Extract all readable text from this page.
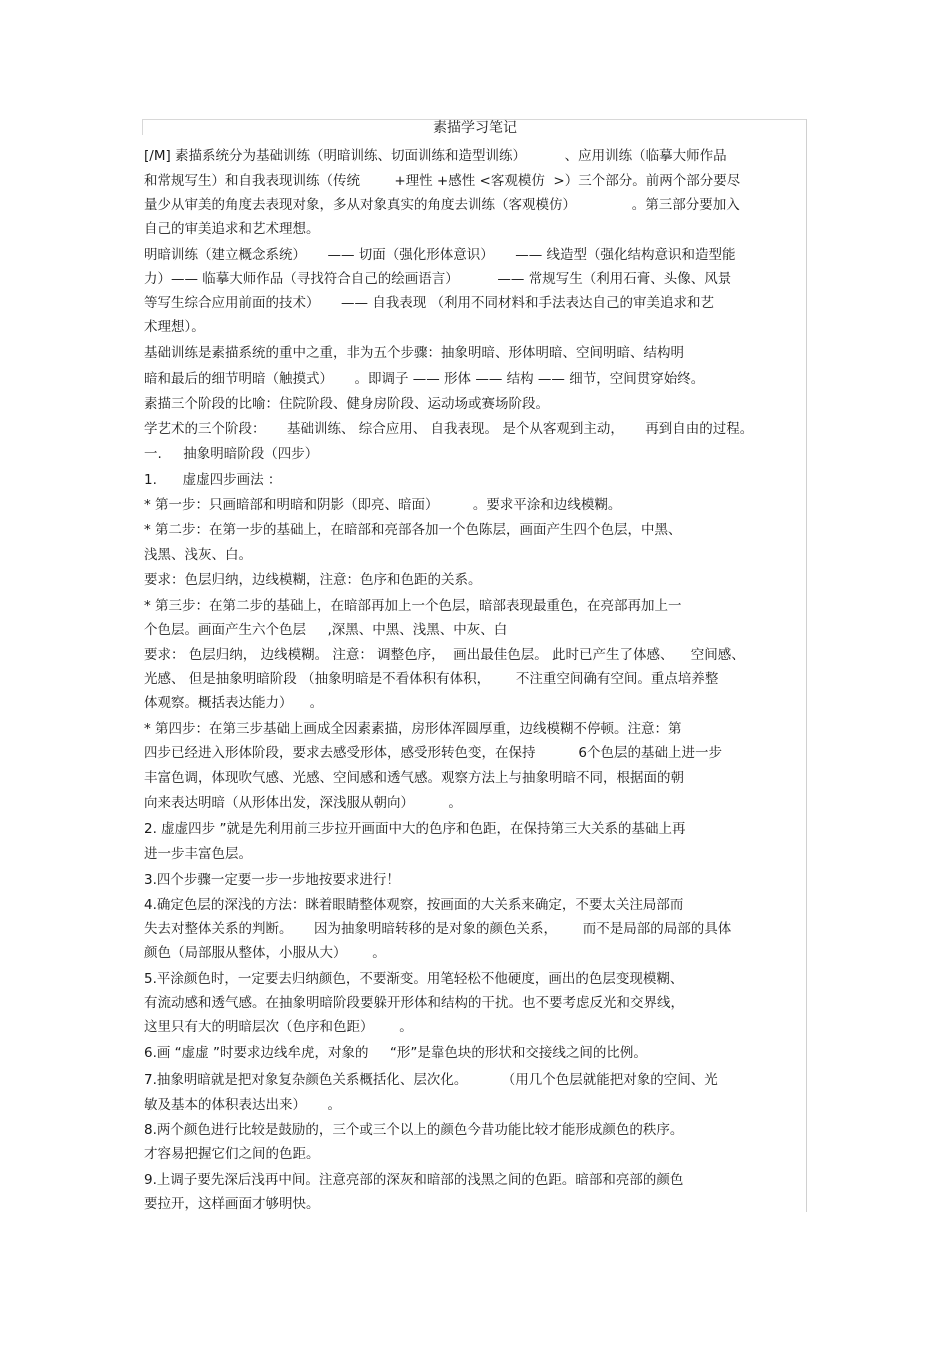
素描学习笔记
[/M] 素描系统分为基础训练（明暗训练、切面训练和造型训练）         、应用训练（临摹大师作品
和常规写生）和自我表现训练（传统        +理性 +感性 <客观模仿  >）三个部分。前两个部分要尽
量少从审美的角度去表现对象，多从对象真实的角度去训练（客观模仿）             。第三部分要加入
自己的审美追求和艺术理想。
明暗训练（建立概念系统）     —— 切面（强化形体意识）     —— 线造型（强化结构意识和造型能
力）—— 临摹大师作品（寻找符合自己的绘画语言）         —— 常规写生（利用石膏、头像、风景
等写生综合应用前面的技术）     —— 自我表现 （利用不同材料和手法表达自己的审美追求和艺
术理想）。
基础训练是素描系统的重中之重，非为五个步骤：抽象明暗、形体明暗、空间明暗、结构明
暗和最后的细节明暗（触摸式）     。即调子 —— 形体 —— 结构 —— 细节，空间贯穿始终。
素描三个阶段的比喻：住院阶段、健身房阶段、运动场或赛场阶段。
学艺术的三个阶段：     基础训练、 综合应用、 自我表现。 是个从客观到主动，     再到自由的过程。
一.     抽象明暗阶段（四步）
1.      虚虚四步画法 ：
* 第一步：只画暗部和明暗和阴影（即亮、暗面）        。要求平涂和边线模糊。
* 第二步：在第一步的基础上，在暗部和亮部各加一个色陈层，画面产生四个色层，中黑、
浅黑、浅灰、白。
要求：色层归纳，边线模糊，注意：色序和色距的关系。
* 第三步：在第二步的基础上，在暗部再加上一个色层，暗部表现最重色，在亮部再加上一
个色层。画面产生六个色层     ,深黑、中黑、浅黑、中灰、白
要求： 色层归纳， 边线模糊。 注意： 调整色序，  画出最佳色层。 此时已产生了体感、    空间感、
光感、 但是抽象明暗阶段 （抽象明暗是不看体积有体积，      不注重空间确有空间。重点培养整
体观察。概括表达能力）    。
* 第四步：在第三步基础上画成全因素素描，房形体浑圆厚重，边线模糊不停顿。注意：第
四步已经进入形体阶段，要求去感受形体，感受形转色变，在保持          6个色层的基础上进一步
丰富色调，体现吹气感、光感、空间感和透气感。观察方法上与抽象明暗不同，根据面的朝
向来表达明暗（从形体出发，深浅服从朝向）        。
2. 虚虚四步 ”就是先利用前三步拉开画面中大的色序和色距，在保持第三大关系的基础上再
进一步丰富色层。
3.四个步骤一定要一步一步地按要求进行！
4.确定色层的深浅的方法：眯着眼睛整体观察，按画面的大关系来确定，不要太关注局部而
失去对整体关系的判断。     因为抽象明暗转移的是对象的颜色关系，      而不是局部的局部的具体
颜色（局部服从整体，小服从大）      。
5.平涂颜色时，一定要去归纳颜色，不要渐变。用笔轻松不他硬度，画出的色层变现模糊、
有流动感和透气感。在抽象明暗阶段要躲开形体和结构的干扰。也不要考虑反光和交界线，
这里只有大的明暗层次（色序和色距）      。
6.画 “虚虚 ”时要求边线牟虎，对象的     “形”是靠色块的形状和交接线之间的比例。
7.抽象明暗就是把对象复杂颜色关系概括化、层次化。        （用几个色层就能把对象的空间、光
敏及基本的体积表达出来）     。
8.两个颜色进行比较是鼓励的，三个或三个以上的颜色今昔功能比较才能形成颜色的秩序。
才容易把握它们之间的色距。
9.上调子要先深后浅再中间。注意亮部的深灰和暗部的浅黑之间的色距。暗部和亮部的颜色
要拉开，这样画面才够明快。
